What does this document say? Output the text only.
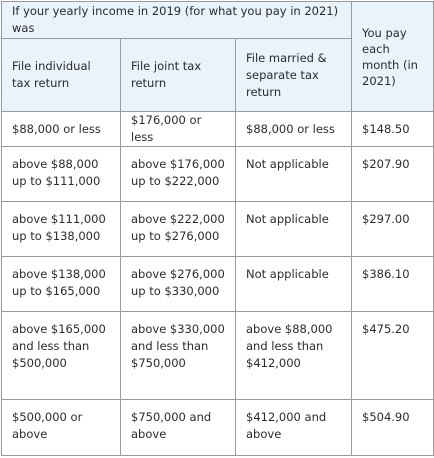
If your yearly income in 2019 (for what you pay in 2021) was			You pay each month (in 2021)
File individual tax return	File joint tax return	File married & separate tax return	
$88,000 or less	$176,000 or less	$88,000 or less	$148.50
above $88,000 up to $111,000	above $176,000 up to $222,000	Not applicable	$207.90
above $111,000 up to $138,000	above $222,000 up to $276,000	Not applicable	$297.00
above $138,000 up to $165,000	above $276,000 up to $330,000	Not applicable	$386.10
above $165,000 and less than $500,000	above $330,000 and less than $750,000	above $88,000 and less than $412,000	$475.20
$500,000 or above	$750,000 and above	$412,000 and above	$504.90
